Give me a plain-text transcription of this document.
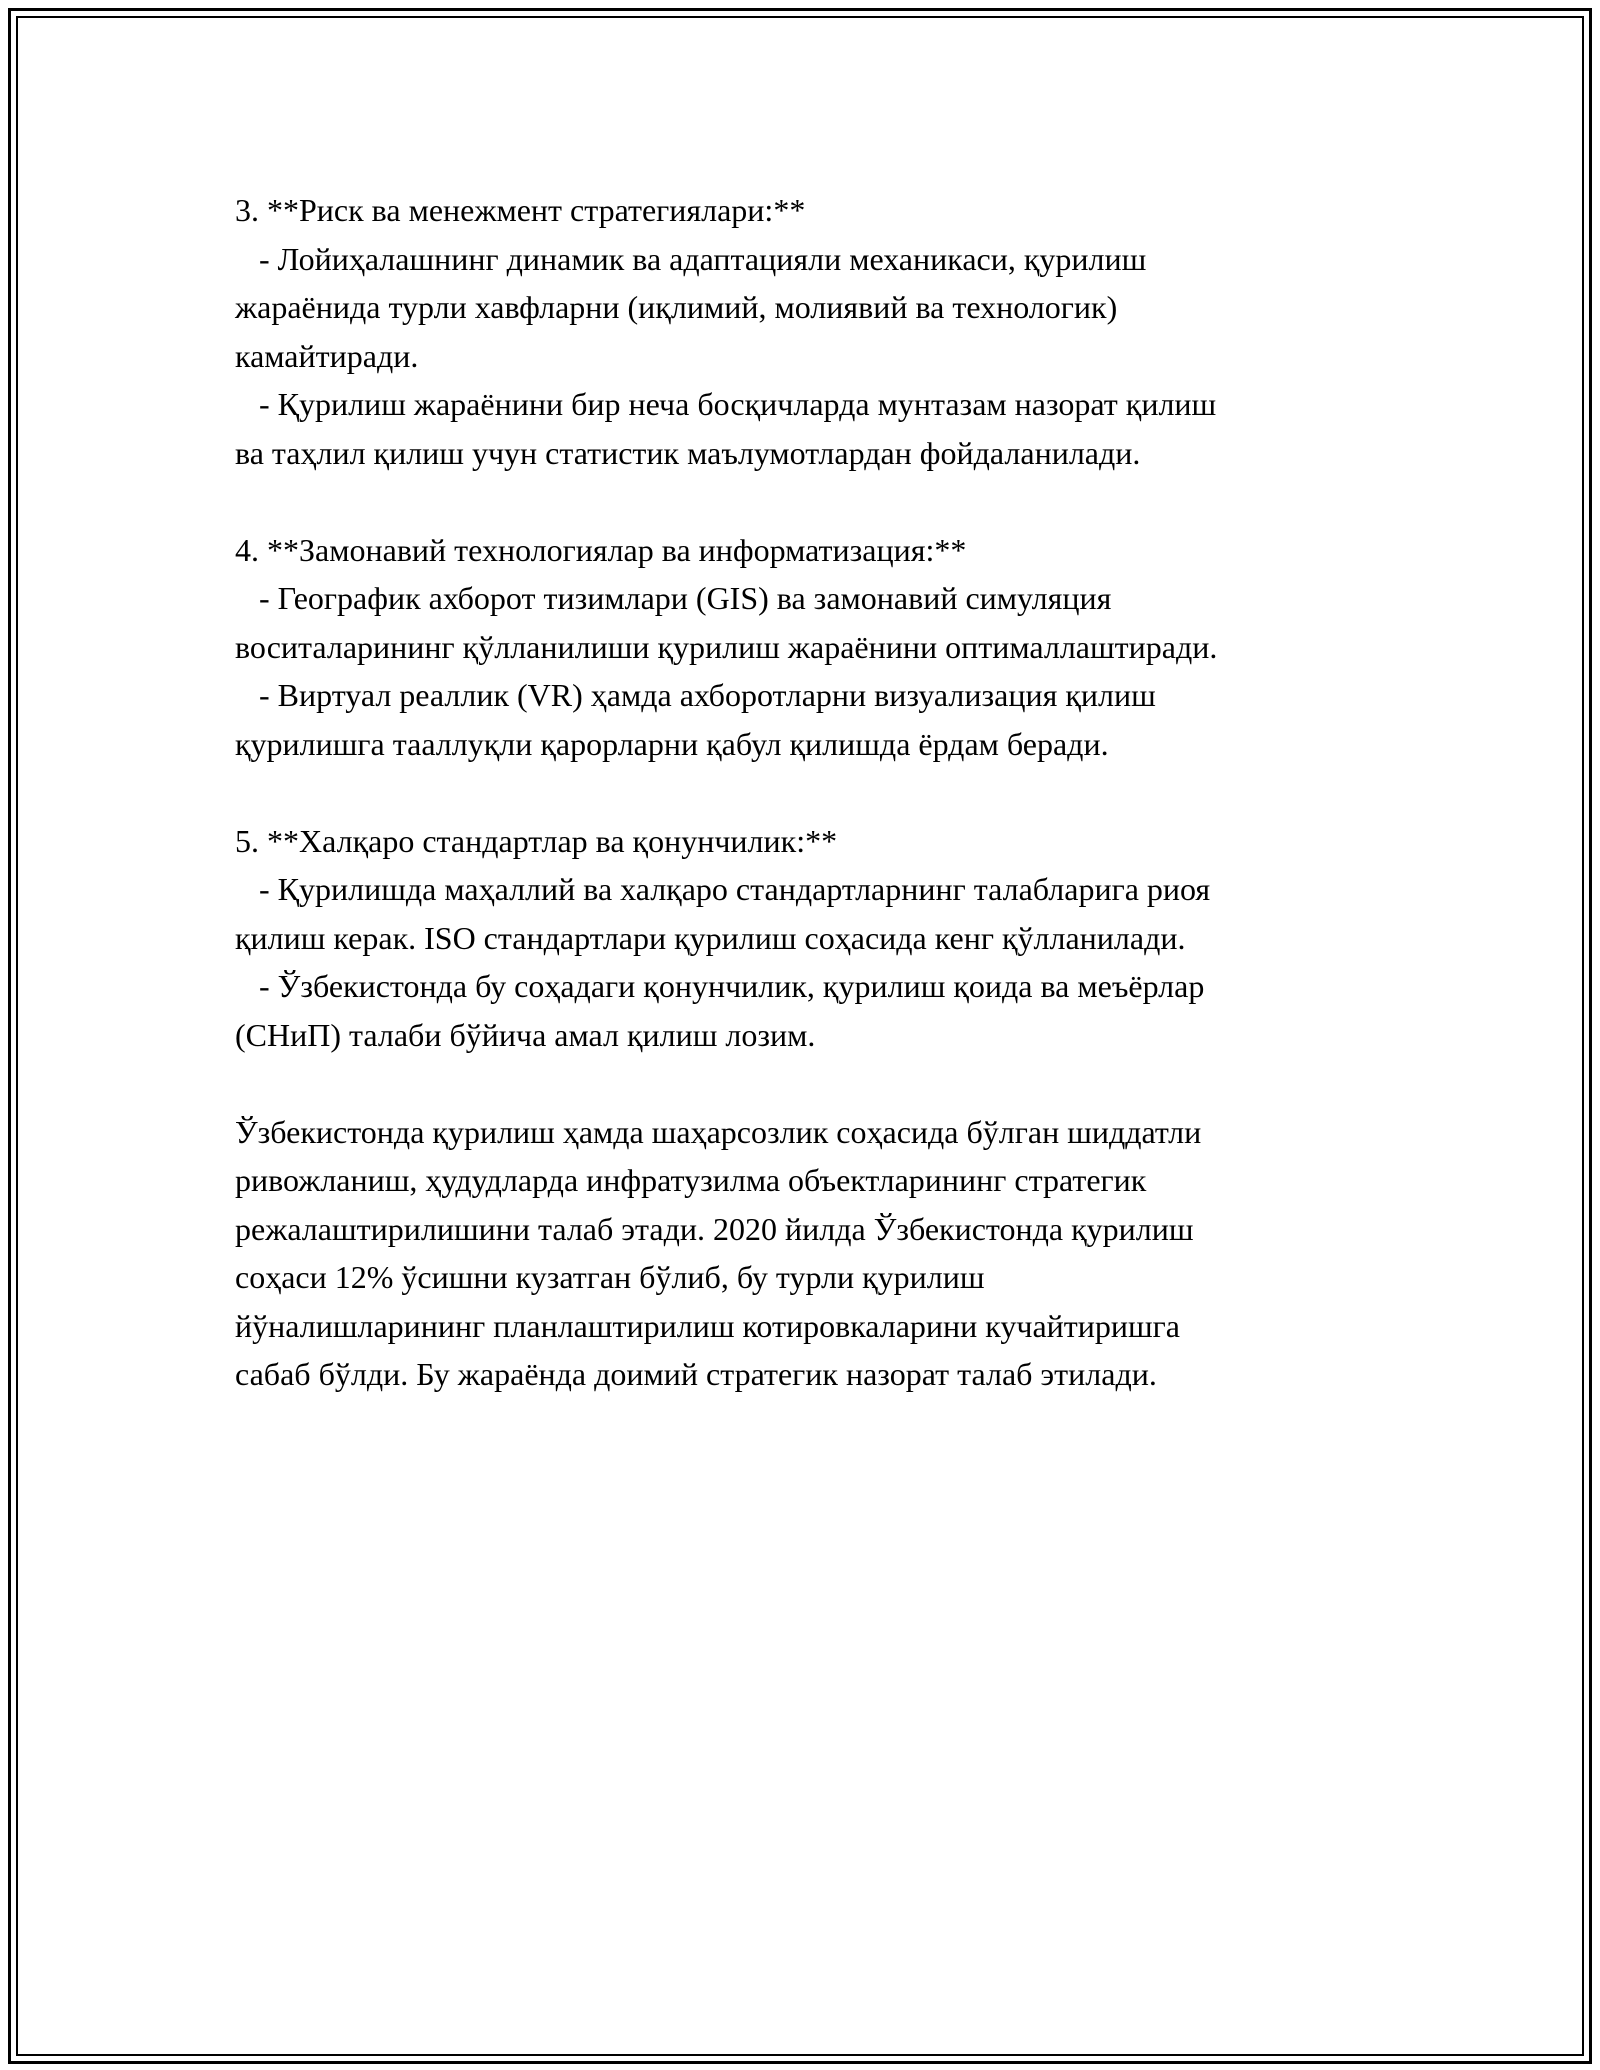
3. **Риск ва менежмент стратегиялари:**
- Лойиҳалашнинг динамик ва адаптацияли механикаси, қурилиш
жараёнида турли хавфларни (иқлимий, молиявий ва технологик)
камайтиради.
- Қурилиш жараёнини бир неча босқичларда мунтазам назорат қилиш
ва таҳлил қилиш учун статистик маълумотлардан фойдаланилади.
4. **Замонавий технологиялар ва информатизация:**
- Географик ахборот тизимлари (GIS) ва замонавий симуляция
воситаларининг қўлланилиши қурилиш жараёнини оптималлаштиради.
- Виртуал реаллик (VR) ҳамда ахборотларни визуализация қилиш
қурилишга тааллуқли қарорларни қабул қилишда ёрдам беради.
5. **Халқаро стандартлар ва қонунчилик:**
- Қурилишда маҳаллий ва халқаро стандартларнинг талабларига риоя
қилиш керак. ISO стандартлари қурилиш соҳасида кенг қўлланилади.
- Ўзбекистонда бу соҳадаги қонунчилик, қурилиш қоида ва меъёрлар
(СНиП) талаби бўйича амал қилиш лозим.
Ўзбекистонда қурилиш ҳамда шаҳарсозлик соҳасида бўлган шиддатли
ривожланиш, ҳудудларда инфратузилма объектларининг стратегик
режалаштирилишини талаб этади. 2020 йилда Ўзбекистонда қурилиш
соҳаси 12% ўсишни кузатган бўлиб, бу турли қурилиш
йўналишларининг планлаштирилиш котировкаларини кучайтиришга
сабаб бўлди. Бу жараёнда доимий стратегик назорат талаб этилади.
